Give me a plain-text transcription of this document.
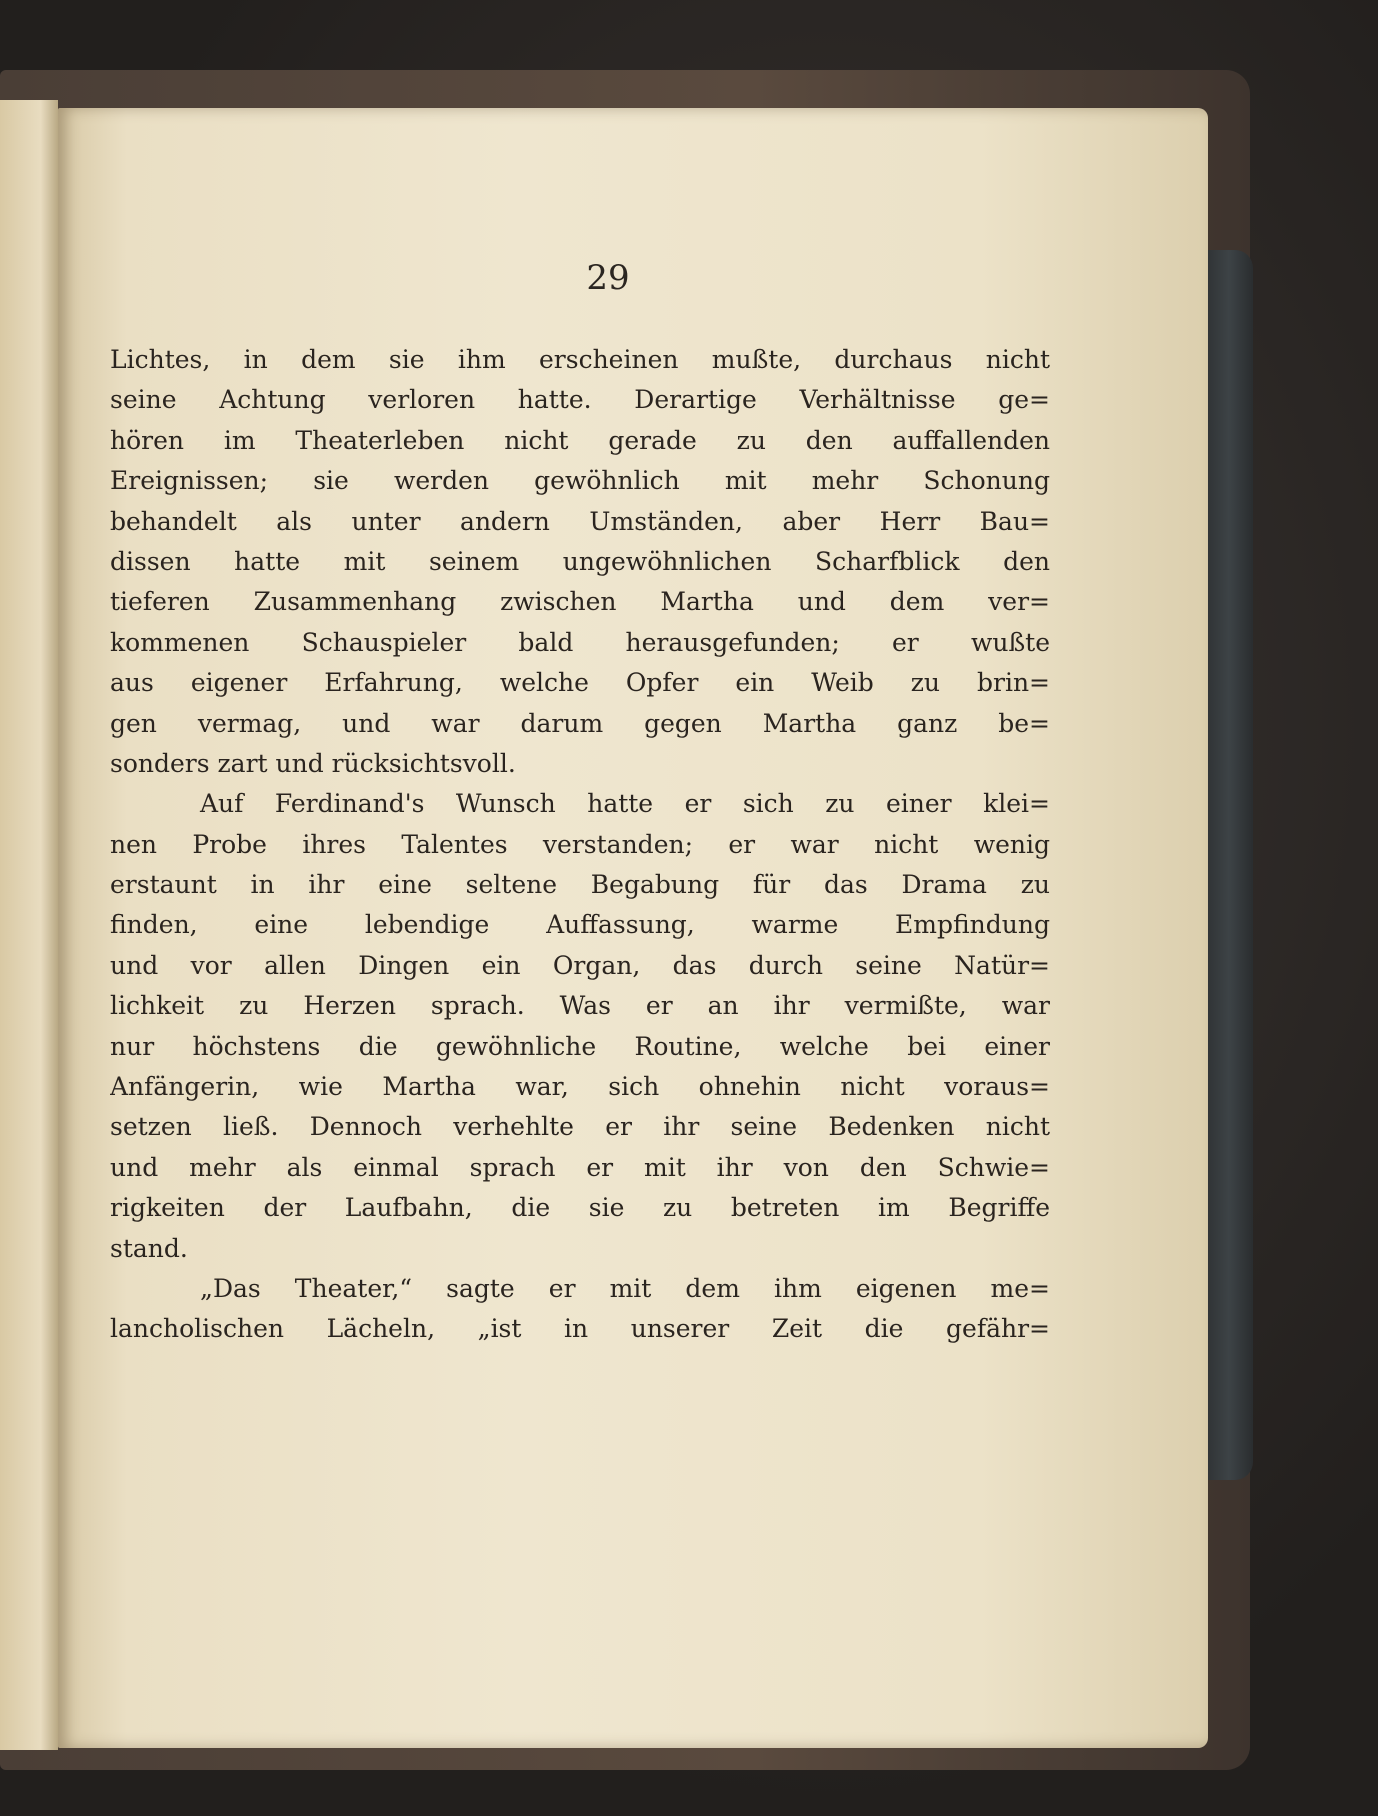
29
Lichtes, in dem sie ihm erscheinen mußte, durchaus nicht
seine Achtung verloren hatte. Derartige Verhältnisse ge=
hören im Theaterleben nicht gerade zu den auffallenden
Ereignissen; sie werden gewöhnlich mit mehr Schonung
behandelt als unter andern Umständen, aber Herr Bau=
dissen hatte mit seinem ungewöhnlichen Scharfblick den
tieferen Zusammenhang zwischen Martha und dem ver=
kommenen Schauspieler bald herausgefunden; er wußte
aus eigener Erfahrung, welche Opfer ein Weib zu brin=
gen vermag, und war darum gegen Martha ganz be=
sonders zart und rücksichtsvoll.
Auf Ferdinand's Wunsch hatte er sich zu einer klei=
nen Probe ihres Talentes verstanden; er war nicht wenig
erstaunt in ihr eine seltene Begabung für das Drama zu
finden, eine lebendige Auffassung, warme Empfindung
und vor allen Dingen ein Organ, das durch seine Natür=
lichkeit zu Herzen sprach. Was er an ihr vermißte, war
nur höchstens die gewöhnliche Routine, welche bei einer
Anfängerin, wie Martha war, sich ohnehin nicht voraus=
setzen ließ. Dennoch verhehlte er ihr seine Bedenken nicht
und mehr als einmal sprach er mit ihr von den Schwie=
rigkeiten der Laufbahn, die sie zu betreten im Begriffe
stand.
„Das Theater,“ sagte er mit dem ihm eigenen me=
lancholischen Lächeln, „ist in unserer Zeit die gefähr=
